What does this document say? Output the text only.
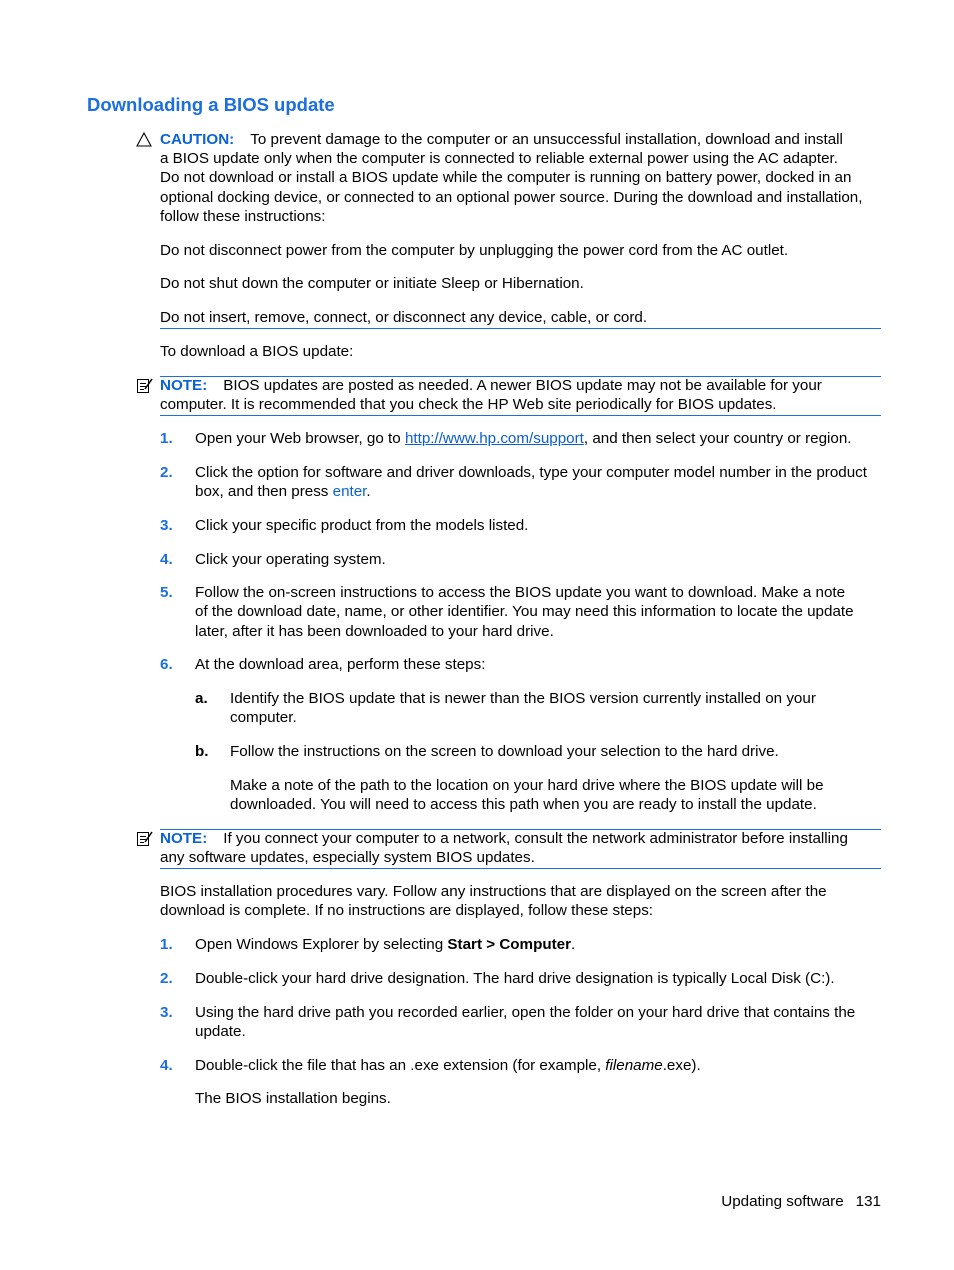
Downloading a BIOS update
CAUTION: To prevent damage to the computer or an unsuccessful installation, download and install
a BIOS update only when the computer is connected to reliable external power using the AC adapter.
Do not download or install a BIOS update while the computer is running on battery power, docked in an
optional docking device, or connected to an optional power source. During the download and installation,
follow these instructions:
Do not disconnect power from the computer by unplugging the power cord from the AC outlet.
Do not shut down the computer or initiate Sleep or Hibernation.
Do not insert, remove, connect, or disconnect any device, cable, or cord.
To download a BIOS update:
NOTE: BIOS updates are posted as needed. A newer BIOS update may not be available for your
computer. It is recommended that you check the HP Web site periodically for BIOS updates.
1. Open your Web browser, go to http://www.hp.com/support, and then select your country or region.
2. Click the option for software and driver downloads, type your computer model number in the product
box, and then press enter.
3. Click your specific product from the models listed.
4. Click your operating system.
5. Follow the on-screen instructions to access the BIOS update you want to download. Make a note
of the download date, name, or other identifier. You may need this information to locate the update
later, after it has been downloaded to your hard drive.
6. At the download area, perform these steps:
a. Identify the BIOS update that is newer than the BIOS version currently installed on your
computer.
b. Follow the instructions on the screen to download your selection to the hard drive.
Make a note of the path to the location on your hard drive where the BIOS update will be
downloaded. You will need to access this path when you are ready to install the update.
NOTE: If you connect your computer to a network, consult the network administrator before installing
any software updates, especially system BIOS updates.
BIOS installation procedures vary. Follow any instructions that are displayed on the screen after the
download is complete. If no instructions are displayed, follow these steps:
1. Open Windows Explorer by selecting Start > Computer.
2. Double-click your hard drive designation. The hard drive designation is typically Local Disk (C:).
3. Using the hard drive path you recorded earlier, open the folder on your hard drive that contains the
update.
4. Double-click the file that has an .exe extension (for example, filename.exe).
The BIOS installation begins.
Updating software 131
